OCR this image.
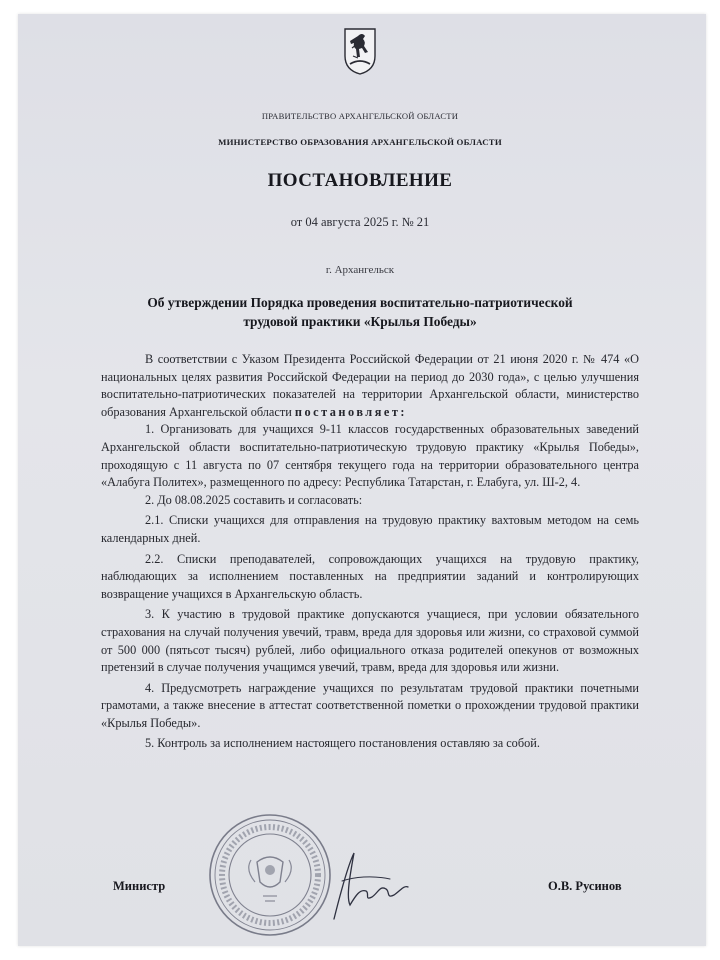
ПРАВИТЕЛЬСТВО АРХАНГЕЛЬСКОЙ ОБЛАСТИ
МИНИСТЕРСТВО ОБРАЗОВАНИЯ АРХАНГЕЛЬСКОЙ ОБЛАСТИ
ПОСТАНОВЛЕНИЕ
от 04 августа 2025 г. № 21
г. Архангельск
Об утверждении Порядка проведения воспитательно-патриотической трудовой практики «Крылья Победы»

В соответствии с Указом Президента Российской Федерации от 21 июня 2020 г. № 474 «О национальных целях развития Российской Федерации на период до 2030 года», с целью улучшения воспитательно-патриотических показателей на территории Архангельской области, министерство образования Архангельской области постановляет:

1. Организовать для учащихся 9-11 классов государственных образовательных заведений Архангельской области воспитательно-патриотическую трудовую практику «Крылья Победы», проходящую с 11 августа по 07 сентября текущего года на территории образовательного центра «Алабуга Политех», размещенного по адресу: Республика Татарстан, г. Елабуга, ул. Ш-2, 4.

2. До 08.08.2025 составить и согласовать:

2.1. Списки учащихся для отправления на трудовую практику вахтовым методом на семь календарных дней.

2.2. Списки преподавателей, сопровождающих учащихся на трудовую практику, наблюдающих за исполнением поставленных на предприятии заданий и контролирующих возвращение учащихся в Архангельскую область.

3. К участию в трудовой практике допускаются учащиеся, при условии обязательного страхования на случай получения увечий, травм, вреда для здоровья или жизни, со страховой суммой от 500 000 (пятьсот тысяч) рублей, либо официального отказа родителей опекунов от возможных претензий в случае получения учащимся увечий, травм, вреда для здоровья или жизни.

4. Предусмотреть награждение учащихся по результатам трудовой практики почетными грамотами, а также внесение в аттестат соответственной пометки о прохождении трудовой практики «Крылья Победы».

5. Контроль за исполнением настоящего постановления оставляю за собой.

Министр	О.В. Русинов
